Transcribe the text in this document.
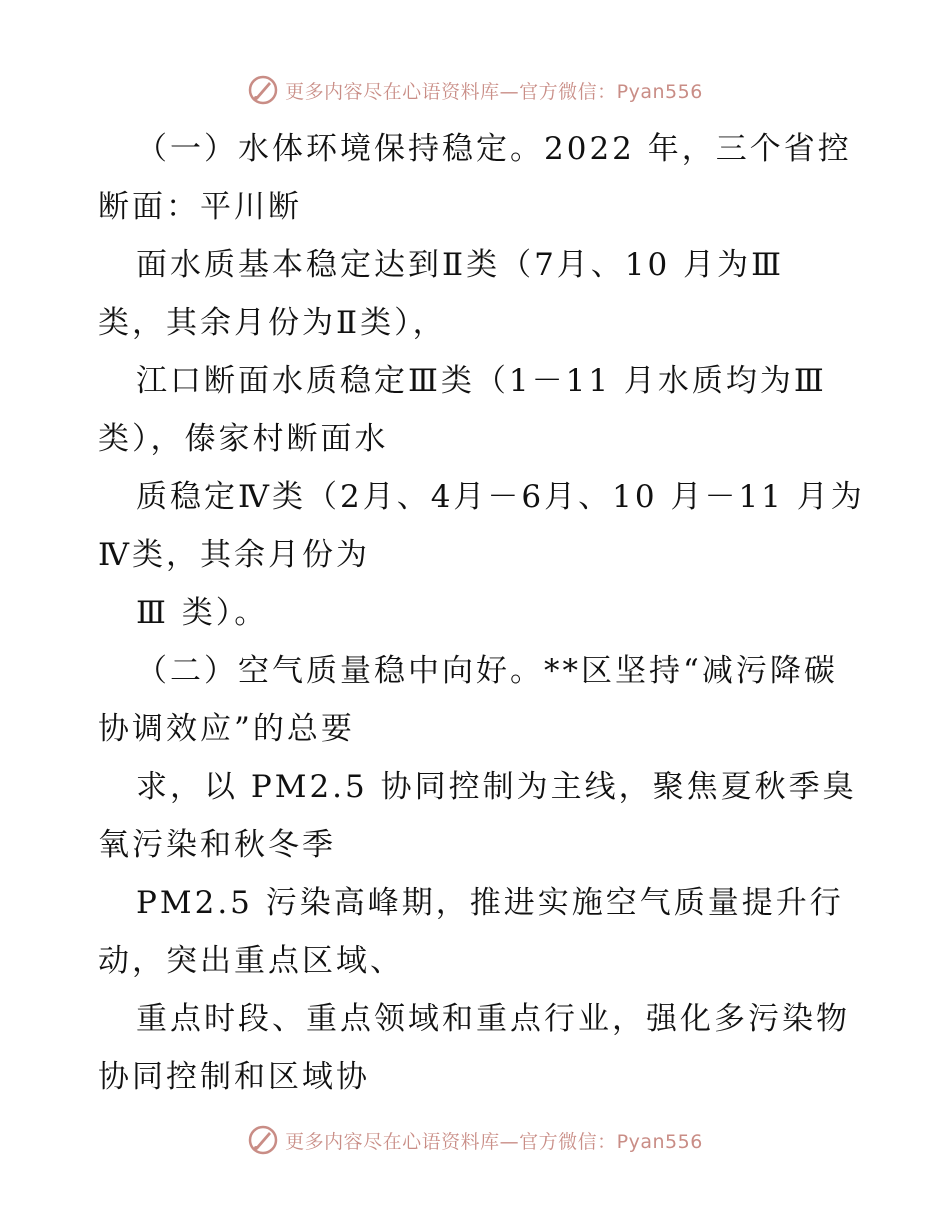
更多内容尽在心语资料库—官方微信：Pyan556
（一）水体环境保持稳定。2022 年，三个省控
断面：平川断
面水质基本稳定达到Ⅱ类（7月、10 月为Ⅲ
类，其余月份为Ⅱ类），
江口断面水质稳定Ⅲ类（1－11 月水质均为Ⅲ
类），傣家村断面水
质稳定Ⅳ类（2月、4月－6月、10 月－11 月为
Ⅳ类，其余月份为
Ⅲ 类）。
（二）空气质量稳中向好。**区坚持“减污降碳
协调效应”的总要
求，以 PM2.5 协同控制为主线，聚焦夏秋季臭
氧污染和秋冬季
PM2.5 污染高峰期，推进实施空气质量提升行
动，突出重点区域、
重点时段、重点领域和重点行业，强化多污染物
协同控制和区域协
更多内容尽在心语资料库—官方微信：Pyan556
